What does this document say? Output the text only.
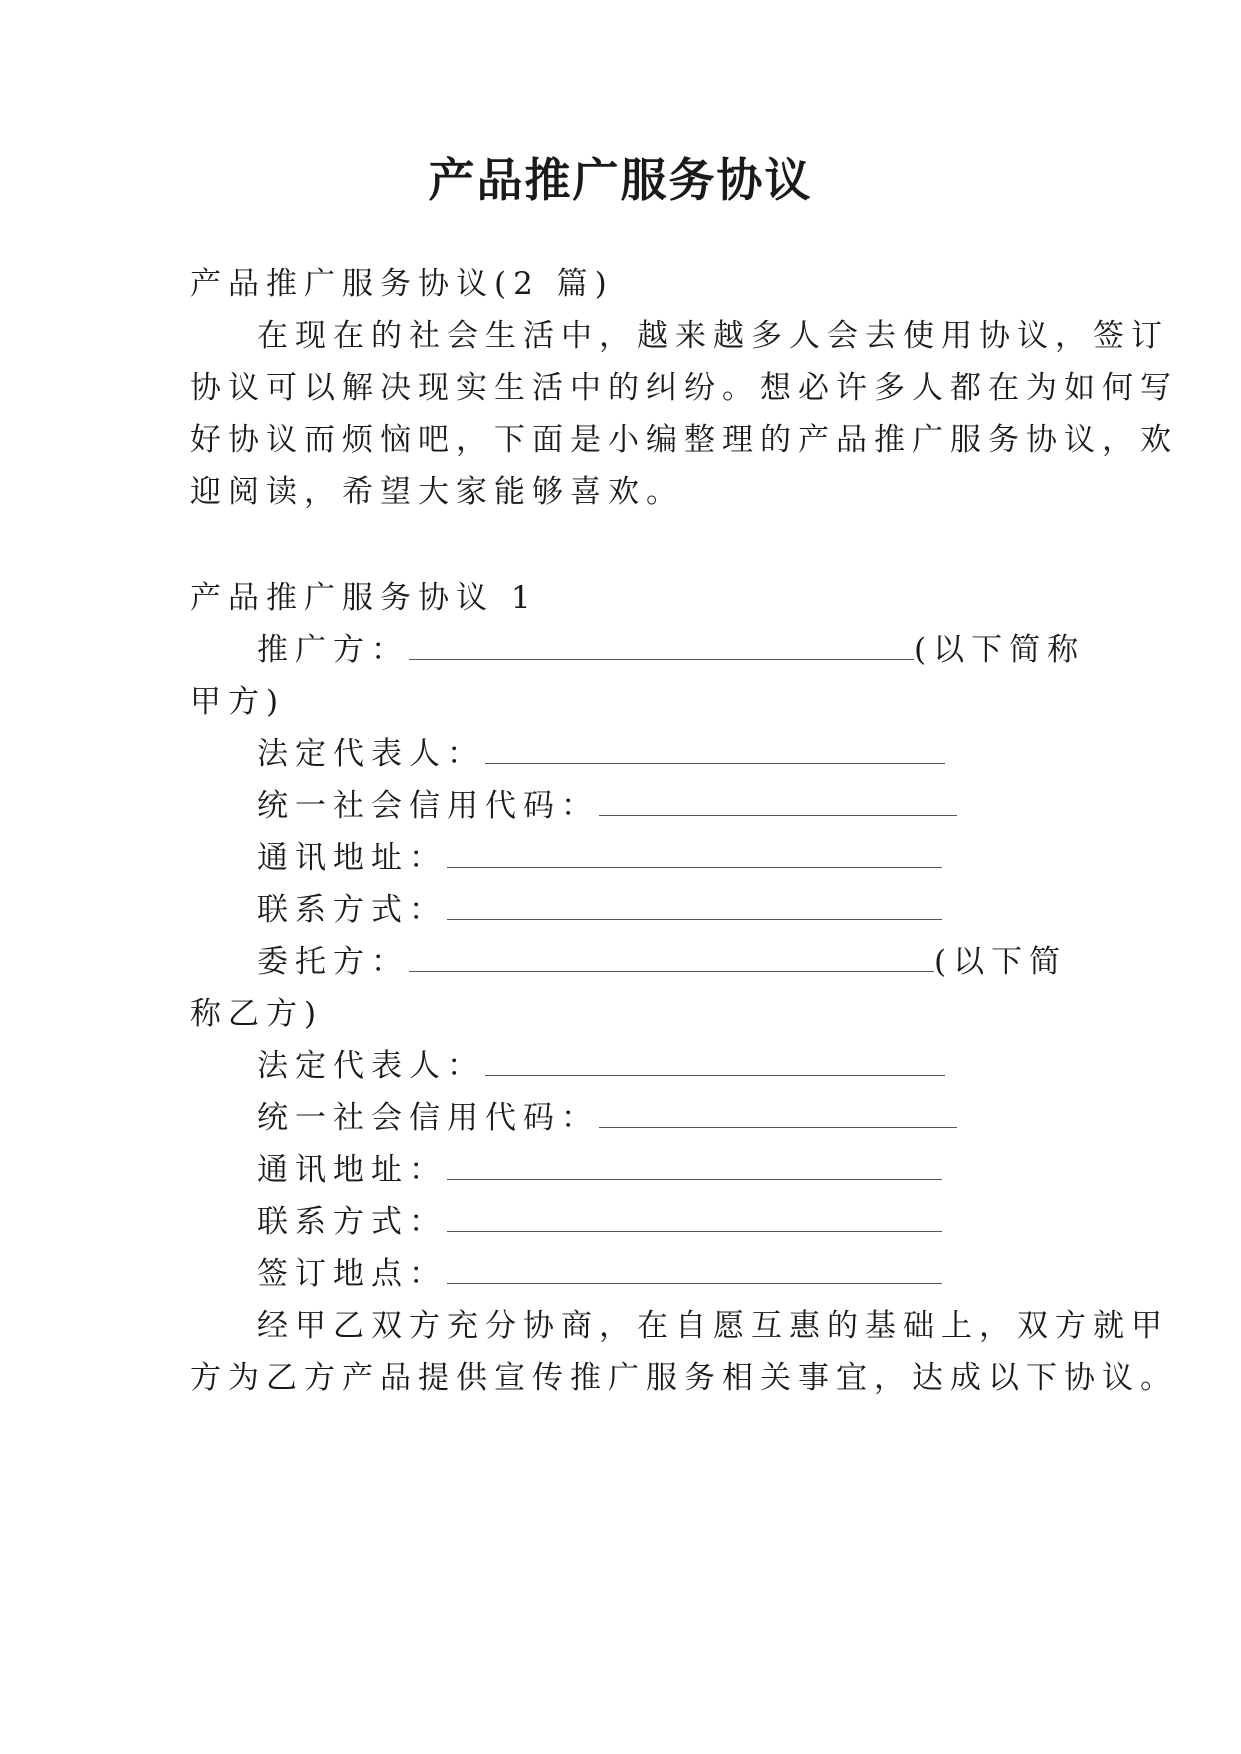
产品推广服务协议
产品推广服务协议(2 篇)
在现在的社会生活中，越来越多人会去使用协议，签订
协议可以解决现实生活中的纠纷。想必许多人都在为如何写
好协议而烦恼吧，下面是小编整理的产品推广服务协议，欢
迎阅读，希望大家能够喜欢。
产品推广服务协议 1
推广方：	(以下简称
甲方)
法定代表人：
统一社会信用代码：
通讯地址：
联系方式：
委托方：	(以下简
称乙方)
法定代表人：
统一社会信用代码：
通讯地址：
联系方式：
签订地点：
经甲乙双方充分协商，在自愿互惠的基础上，双方就甲
方为乙方产品提供宣传推广服务相关事宜，达成以下协议。
